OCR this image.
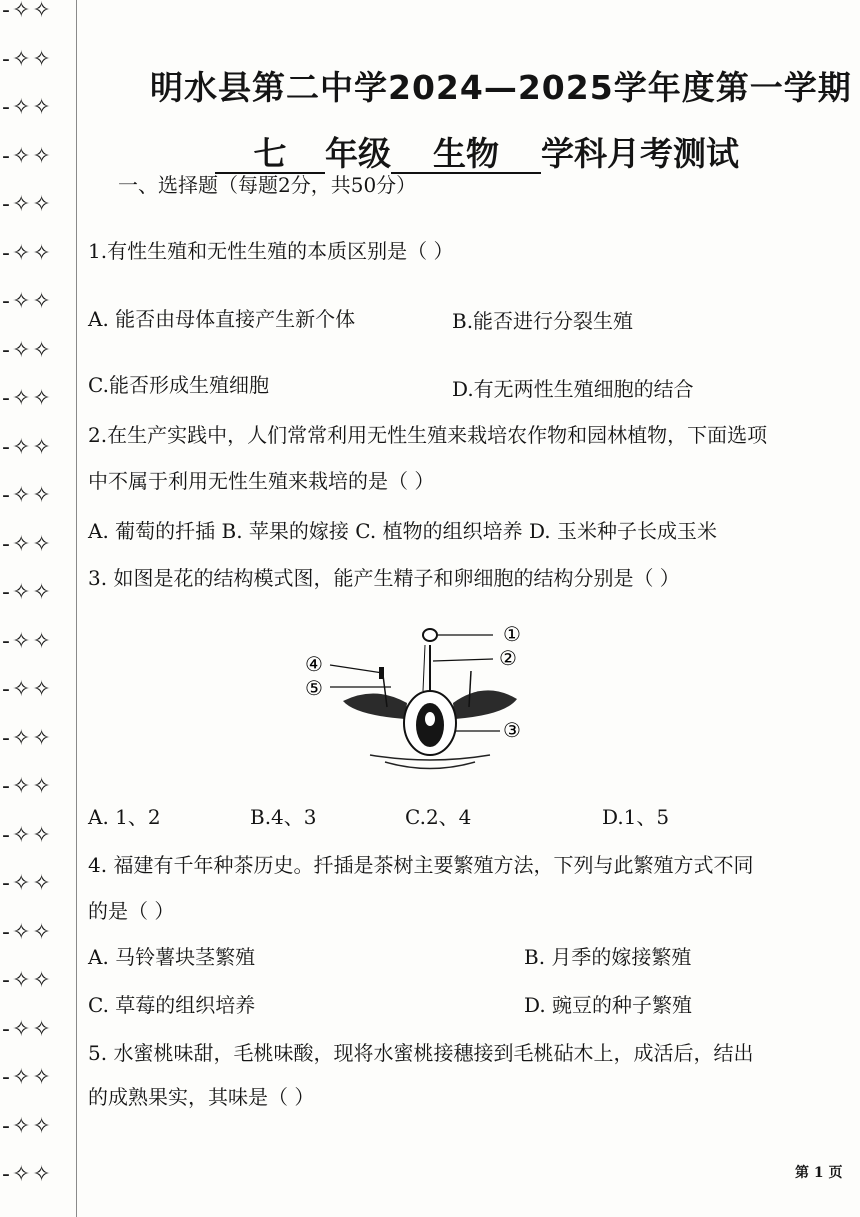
-✧✧
-✧✧
-✧✧
-✧✧
-✧✧
-✧✧
-✧✧
-✧✧
-✧✧
-✧✧
-✧✧
-✧✧
-✧✧
-✧✧
-✧✧
-✧✧
-✧✧
-✧✧
-✧✧
-✧✧
-✧✧
-✧✧
-✧✧
-✧✧
-✧✧
明水县第二中学2024—2025学年度第一学期
七 年级 生物 学科月考测试
一、选择题（每题2分，共50分）
1.有性生殖和无性生殖的本质区别是（ ）
A. 能否由母体直接产生新个体	B.能否进行分裂生殖
C.能否形成生殖细胞	D.有无两性生殖细胞的结合
2.在生产实践中，人们常常利用无性生殖来栽培农作物和园林植物，下面选项
中不属于利用无性生殖来栽培的是（ ）
A. 葡萄的扦插 B. 苹果的嫁接 C. 植物的组织培养 D. 玉米种子长成玉米
3. 如图是花的结构模式图，能产生精子和卵细胞的结构分别是（ ）
①
②
③
④
⑤
A. 1、2	B.4、3	C.2、4	D.1、5
4. 福建有千年种茶历史。扦插是茶树主要繁殖方法，下列与此繁殖方式不同
的是（ ）
A. 马铃薯块茎繁殖	B. 月季的嫁接繁殖
C. 草莓的组织培养	D. 豌豆的种子繁殖
5. 水蜜桃味甜，毛桃味酸，现将水蜜桃接穗接到毛桃砧木上，成活后，结出
的成熟果实，其味是（ ）
第 1 页
